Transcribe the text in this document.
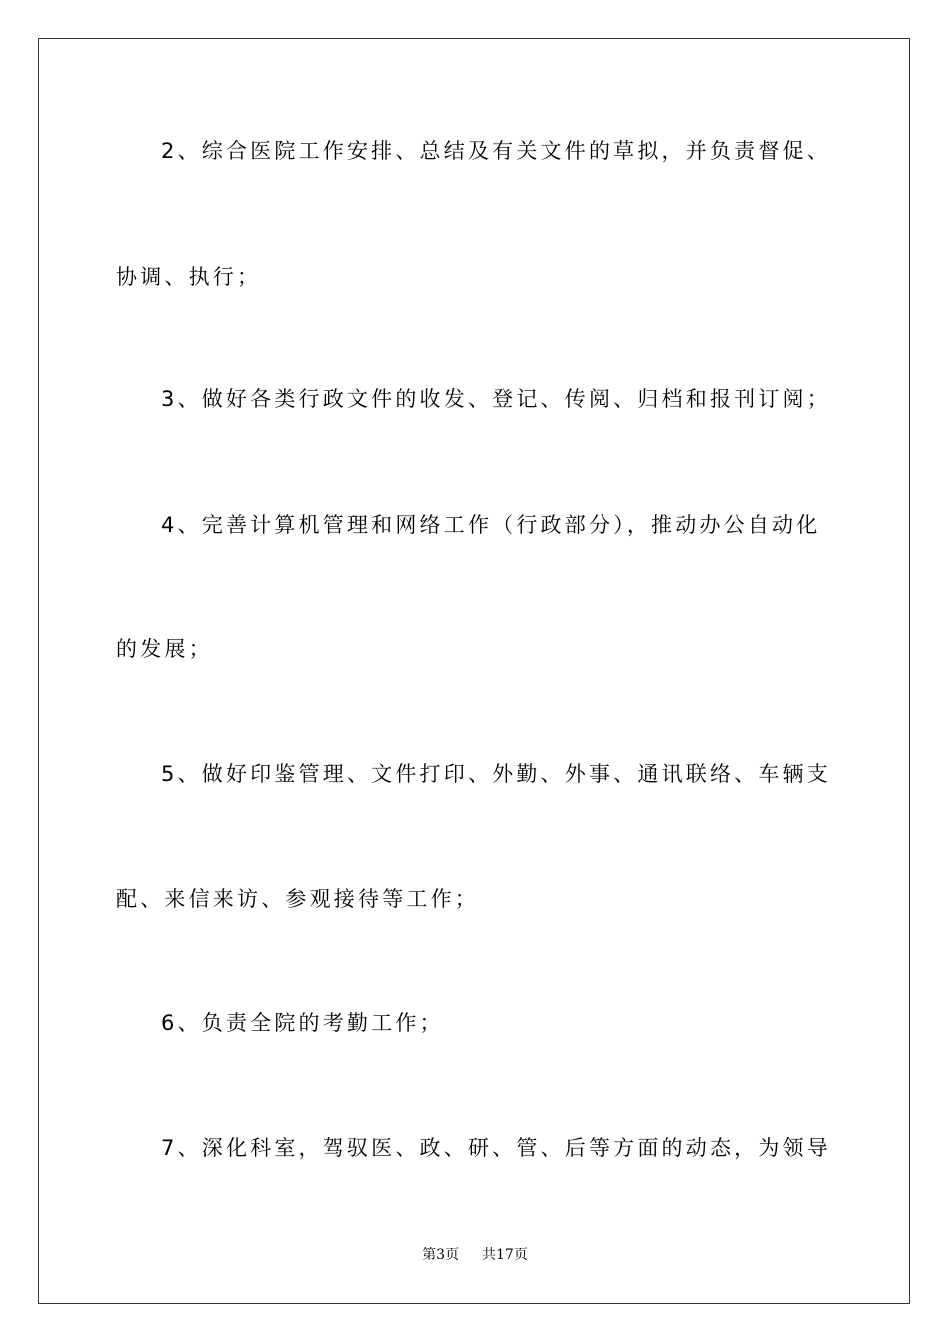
2、综合医院工作安排、总结及有关文件的草拟，并负责督促、
协调、执行；
3、做好各类行政文件的收发、登记、传阅、归档和报刊订阅；
4、完善计算机管理和网络工作（行政部分），推动办公自动化
的发展；
5、做好印鉴管理、文件打印、外勤、外事、通讯联络、车辆支
配、来信来访、参观接待等工作；
6、负责全院的考勤工作；
7、深化科室，驾驭医、政、研、管、后等方面的动态，为领导
第3页 共17页
